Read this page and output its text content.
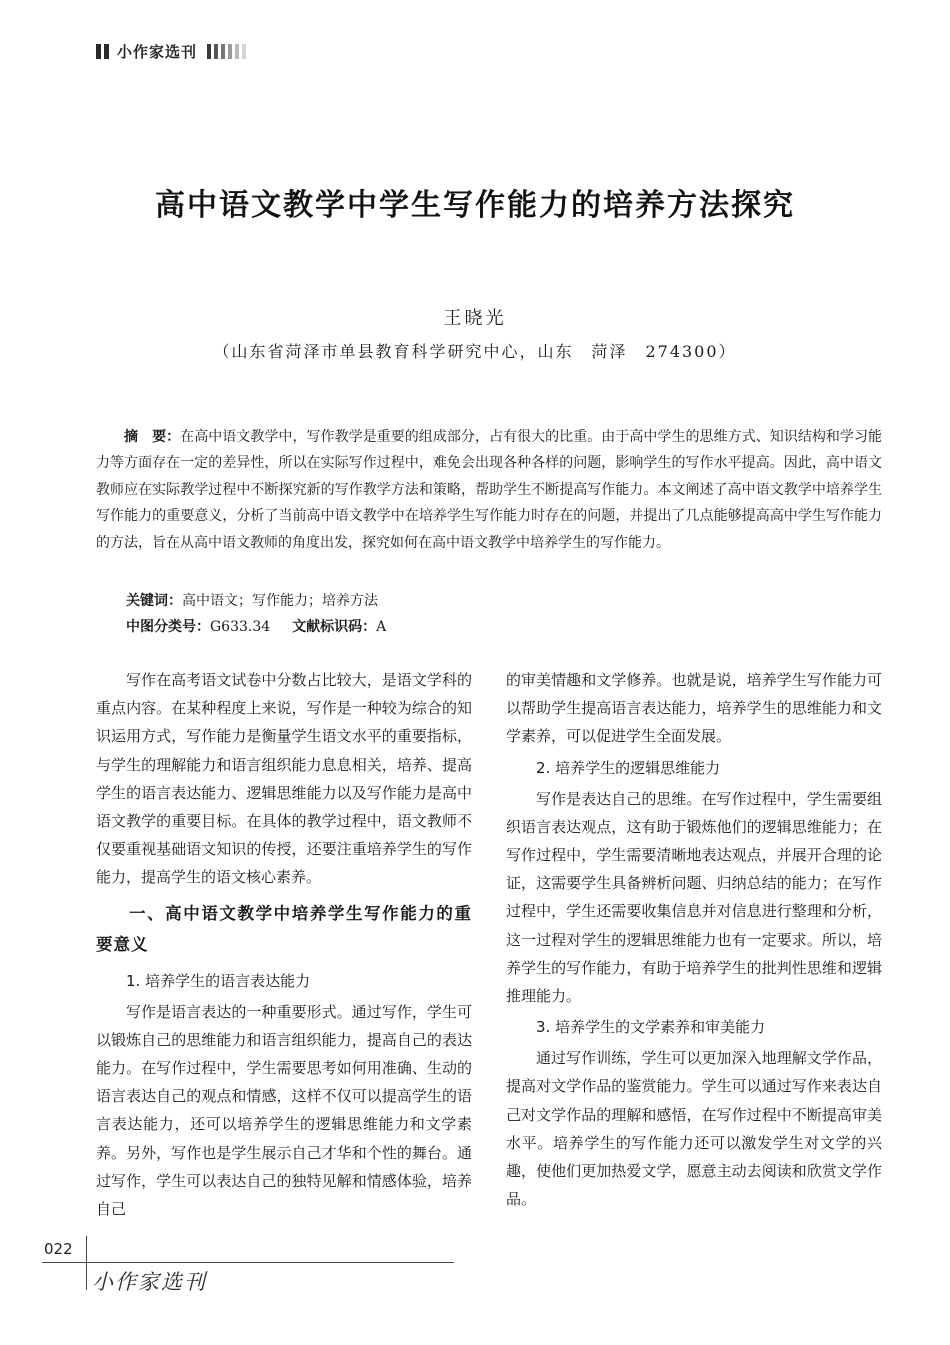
小作家选刊
高中语文教学中学生写作能力的培养方法探究
王晓光
（山东省菏泽市单县教育科学研究中心，山东　菏泽　274300）

摘　要：在高中语文教学中，写作教学是重要的组成部分，占有很大的比重。由于高中学生的思维方式、知识结构和学习能力等方面存在一定的差异性，所以在实际写作过程中，难免会出现各种各样的问题，影响学生的写作水平提高。因此，高中语文教师应在实际教学过程中不断探究新的写作教学方法和策略，帮助学生不断提高写作能力。本文阐述了高中语文教学中培养学生写作能力的重要意义，分析了当前高中语文教学中在培养学生写作能力时存在的问题，并提出了几点能够提高高中学生写作能力的方法，旨在从高中语文教师的角度出发，探究如何在高中语文教学中培养学生的写作能力。

关键词：高中语文；写作能力；培养方法
中图分类号：G633.34 文献标识码：A

写作在高考语文试卷中分数占比较大，是语文学科的重点内容。在某种程度上来说，写作是一种较为综合的知识运用方式，写作能力是衡量学生语文水平的重要指标，与学生的理解能力和语言组织能力息息相关，培养、提高学生的语言表达能力、逻辑思维能力以及写作能力是高中语文教学的重要目标。在具体的教学过程中，语文教师不仅要重视基础语文知识的传授，还要注重培养学生的写作能力，提高学生的语文核心素养。

一、高中语文教学中培养学生写作能力的重要意义
1. 培养学生的语言表达能力

写作是语言表达的一种重要形式。通过写作，学生可以锻炼自己的思维能力和语言组织能力，提高自己的表达能力。在写作过程中，学生需要思考如何用准确、生动的语言表达自己的观点和情感，这样不仅可以提高学生的语言表达能力，还可以培养学生的逻辑思维能力和文学素养。另外，写作也是学生展示自己才华和个性的舞台。通过写作，学生可以表达自己的独特见解和情感体验，培养自己

的审美情趣和文学修养。也就是说，培养学生写作能力可以帮助学生提高语言表达能力，培养学生的思维能力和文学素养，可以促进学生全面发展。

2. 培养学生的逻辑思维能力

写作是表达自己的思维。在写作过程中，学生需要组织语言表达观点，这有助于锻炼他们的逻辑思维能力；在写作过程中，学生需要清晰地表达观点，并展开合理的论证，这需要学生具备辨析问题、归纳总结的能力；在写作过程中，学生还需要收集信息并对信息进行整理和分析，这一过程对学生的逻辑思维能力也有一定要求。所以，培养学生的写作能力，有助于培养学生的批判性思维和逻辑推理能力。

3. 培养学生的文学素养和审美能力

通过写作训练，学生可以更加深入地理解文学作品，提高对文学作品的鉴赏能力。学生可以通过写作来表达自己对文学作品的理解和感悟，在写作过程中不断提高审美水平。培养学生的写作能力还可以激发学生对文学的兴趣，使他们更加热爱文学，愿意主动去阅读和欣赏文学作品。

022
小作家选刊
